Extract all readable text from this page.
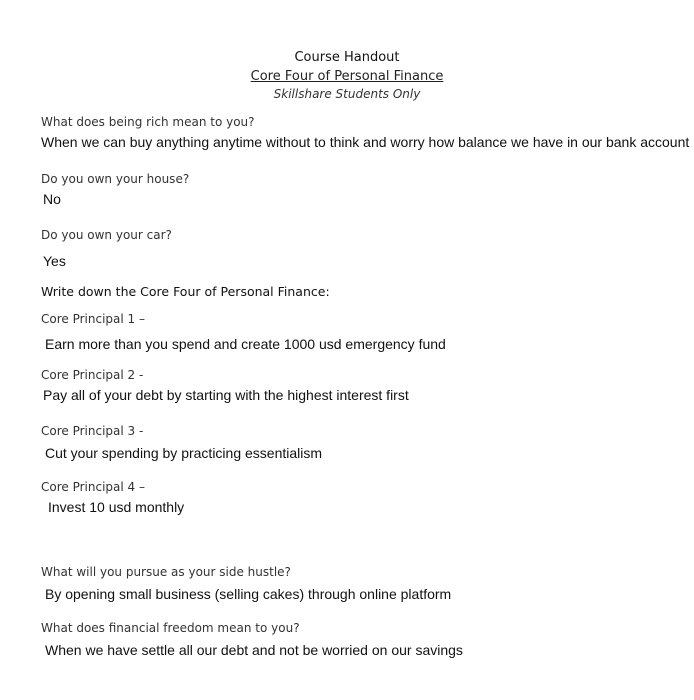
Course Handout
Core Four of Personal Finance
Skillshare Students Only
What does being rich mean to you?
When we can buy anything anytime without to think and worry how balance we have in our bank account
Do you own your house?
No
Do you own your car?
Yes
Write down the Core Four of Personal Finance:
Core Principal 1 –
Earn more than you spend and create 1000 usd emergency fund
Core Principal 2 -
Pay all of your debt by starting with the highest interest first
Core Principal 3 -
Cut your spending by practicing essentialism
Core Principal 4 –
Invest 10 usd monthly
What will you pursue as your side hustle?
By opening small business (selling cakes) through online platform
What does financial freedom mean to you?
When we have settle all our debt and not be worried on our savings
